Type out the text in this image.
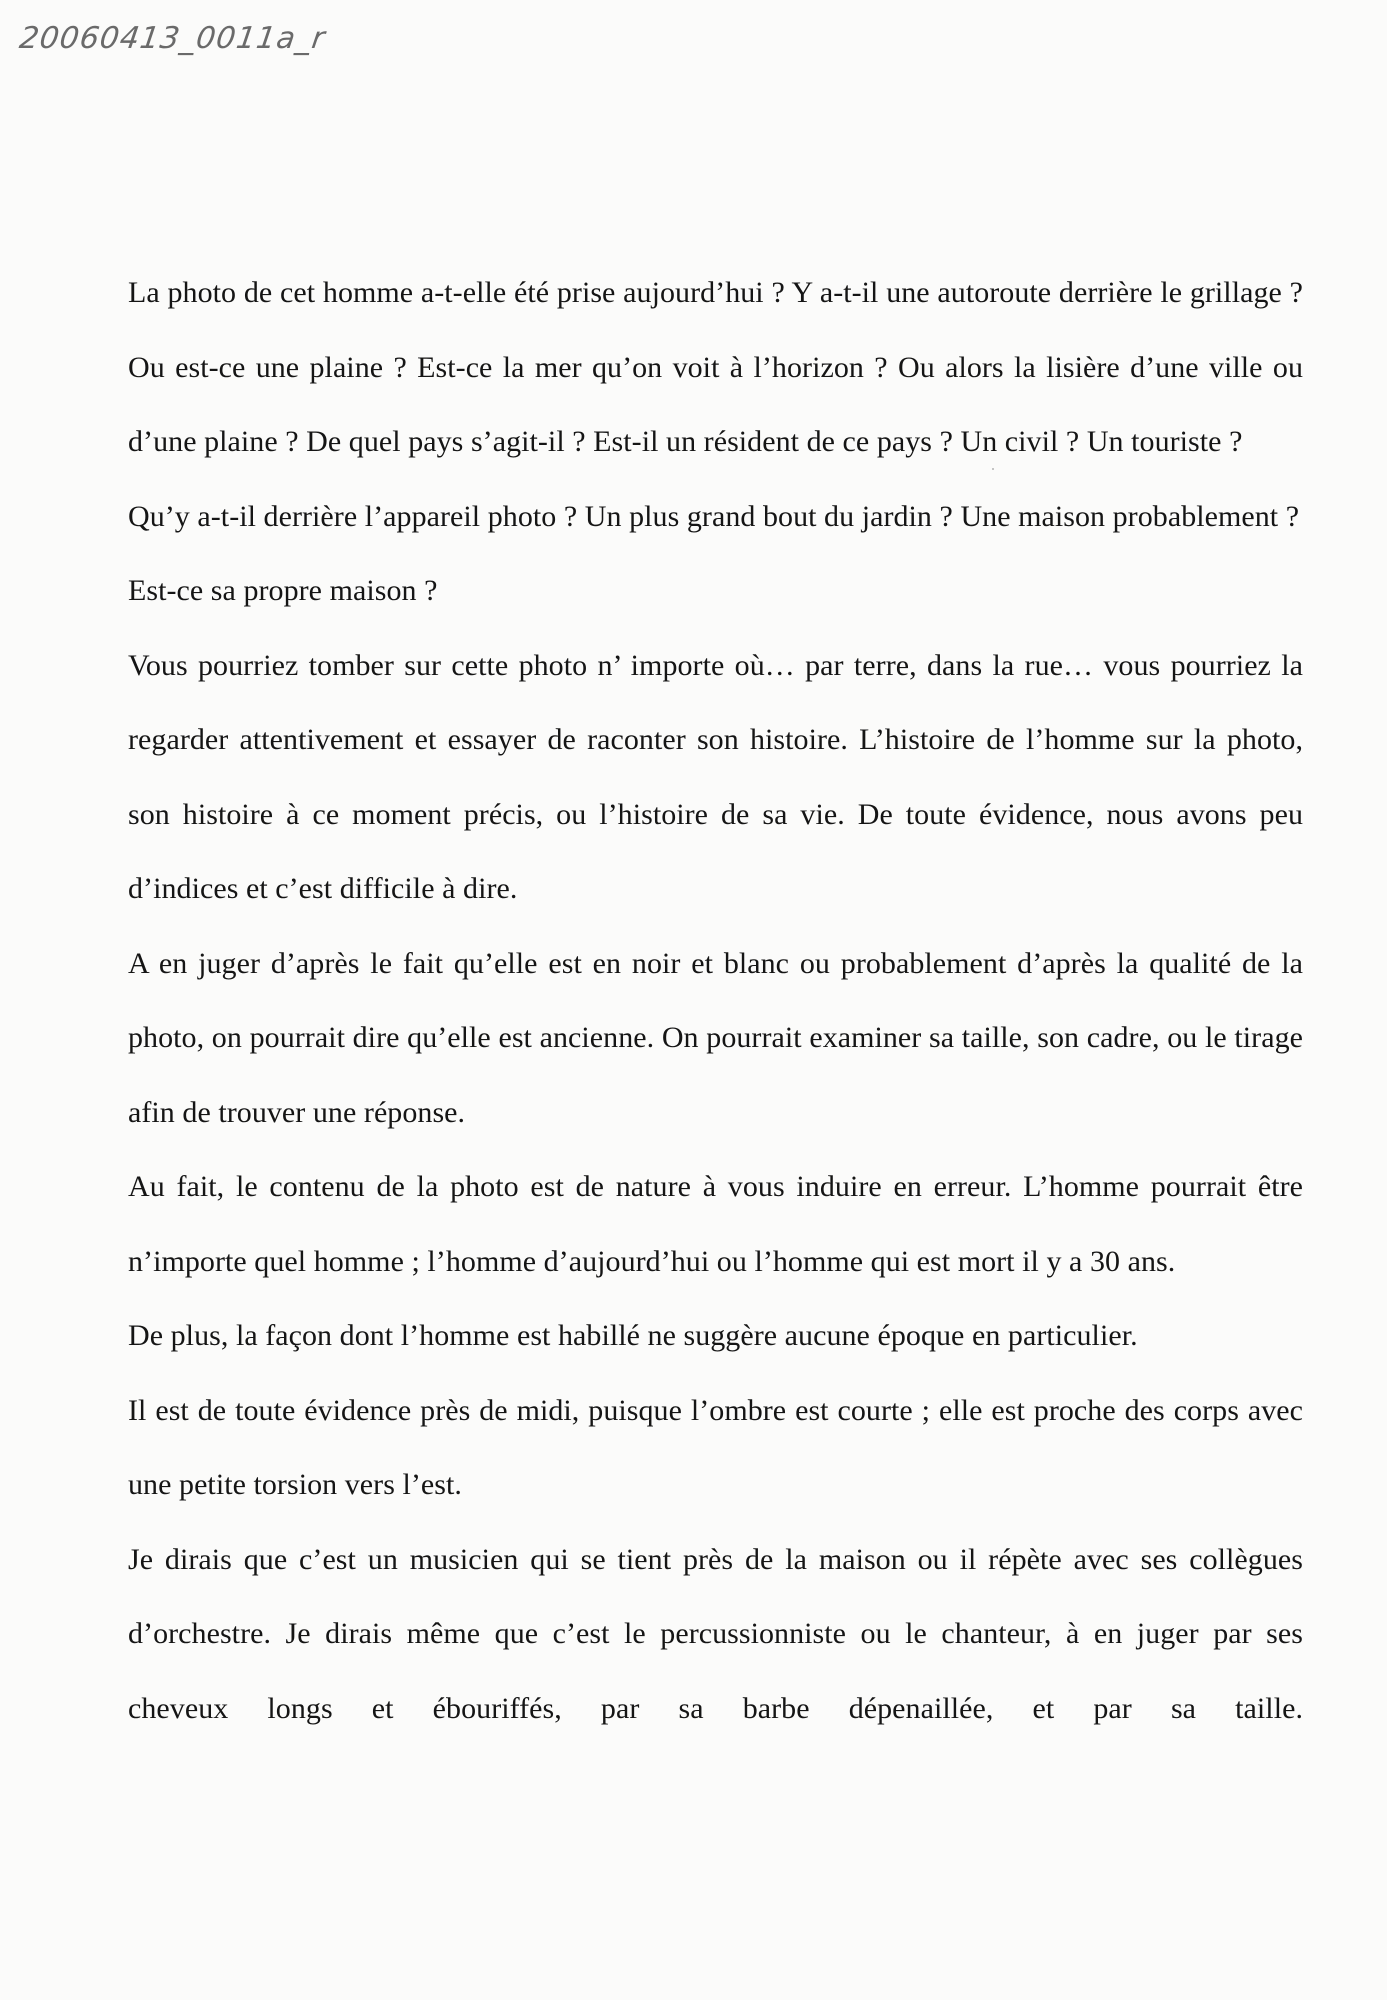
20060413_0011a_r

La photo de cet homme a-t-elle été prise aujourd’hui ? Y a-t-il une autoroute derrière le grillage ? Ou est-ce une plaine ? Est-ce la mer qu’on voit à l’horizon ? Ou alors la lisière d’une ville ou d’une plaine ? De quel pays s’agit-il ? Est-il un résident de ce pays ? Un civil ? Un touriste ?

Qu’y a-t-il derrière l’appareil photo ? Un plus grand bout du jardin ? Une maison probablement ?

Est-ce sa propre maison ?

Vous pourriez tomber sur cette photo n’ importe où… par terre, dans la rue… vous pourriez la regarder attentivement et essayer de raconter son histoire. L’histoire de l’homme sur la photo, son histoire à ce moment précis, ou l’histoire de sa vie. De toute évidence, nous avons peu d’indices et c’est difficile à dire.

A en juger d’après le fait qu’elle est en noir et blanc ou probablement d’après la qualité de la photo, on pourrait dire qu’elle est ancienne. On pourrait examiner sa taille, son cadre, ou le tirage afin de trouver une réponse.

Au fait, le contenu de la photo est de nature à vous induire en erreur. L’homme pourrait être n’importe quel homme ; l’homme d’aujourd’hui ou l’homme qui est mort il y a 30 ans.

De plus, la façon dont l’homme est habillé ne suggère aucune époque en particulier.

Il est de toute évidence près de midi, puisque l’ombre est courte ; elle est proche des corps avec une petite torsion vers l’est.

Je dirais que c’est un musicien qui se tient près de la maison ou il répète avec ses collègues d’orchestre. Je dirais même que c’est le percussionniste ou le chanteur, à en juger par ses cheveux longs et ébouriffés, par sa barbe dépenaillée, et par sa taille.
